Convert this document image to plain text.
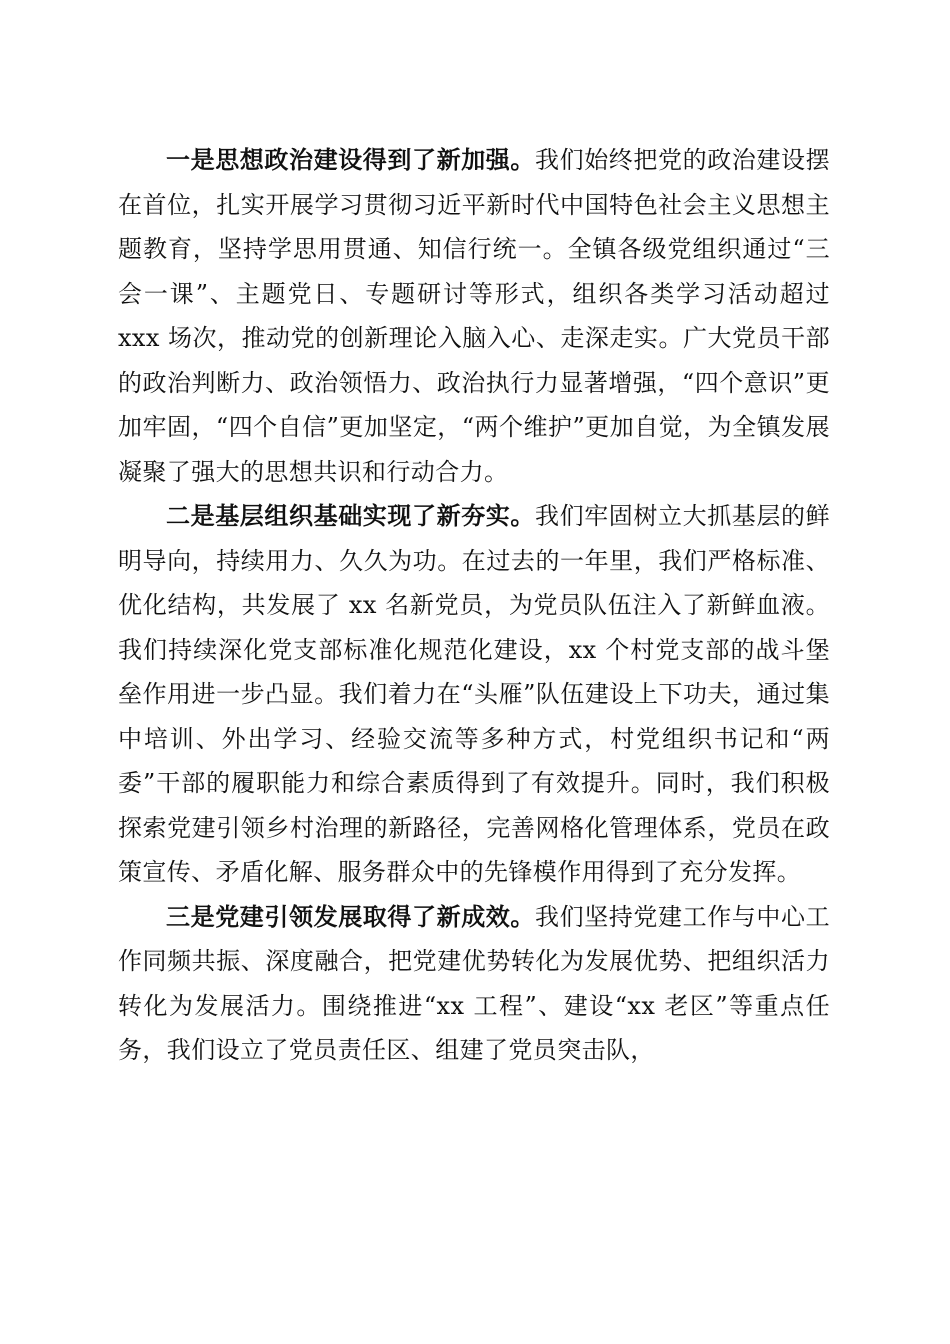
一是思想政治建设得到了新加强。我们始终把党的政治建设摆在首位，扎实开展学习贯彻习近平新时代中国特色社会主义思想主题教育，坚持学思用贯通、知信行统一。全镇各级党组织通过“三会一课”、主题党日、专题研讨等形式，组织各类学习活动超过 xxx 场次，推动党的创新理论入脑入心、走深走实。广大党员干部的政治判断力、政治领悟力、政治执行力显著增强，“四个意识”更加牢固，“四个自信”更加坚定，“两个维护”更加自觉，为全镇发展凝聚了强大的思想共识和行动合力。

二是基层组织基础实现了新夯实。我们牢固树立大抓基层的鲜明导向，持续用力、久久为功。在过去的一年里，我们严格标准、优化结构，共发展了 xx 名新党员，为党员队伍注入了新鲜血液。我们持续深化党支部标准化规范化建设，xx 个村党支部的战斗堡垒作用进一步凸显。我们着力在“头雁”队伍建设上下功夫，通过集中培训、外出学习、经验交流等多种方式，村党组织书记和“两委”干部的履职能力和综合素质得到了有效提升。同时，我们积极探索党建引领乡村治理的新路径，完善网格化管理体系，党员在政策宣传、矛盾化解、服务群众中的先锋模作用得到了充分发挥。

三是党建引领发展取得了新成效。我们坚持党建工作与中心工作同频共振、深度融合，把党建优势转化为发展优势、把组织活力转化为发展活力。围绕推进“xx 工程”、建设“xx 老区”等重点任务，我们设立了党员责任区、组建了党员突击队，
